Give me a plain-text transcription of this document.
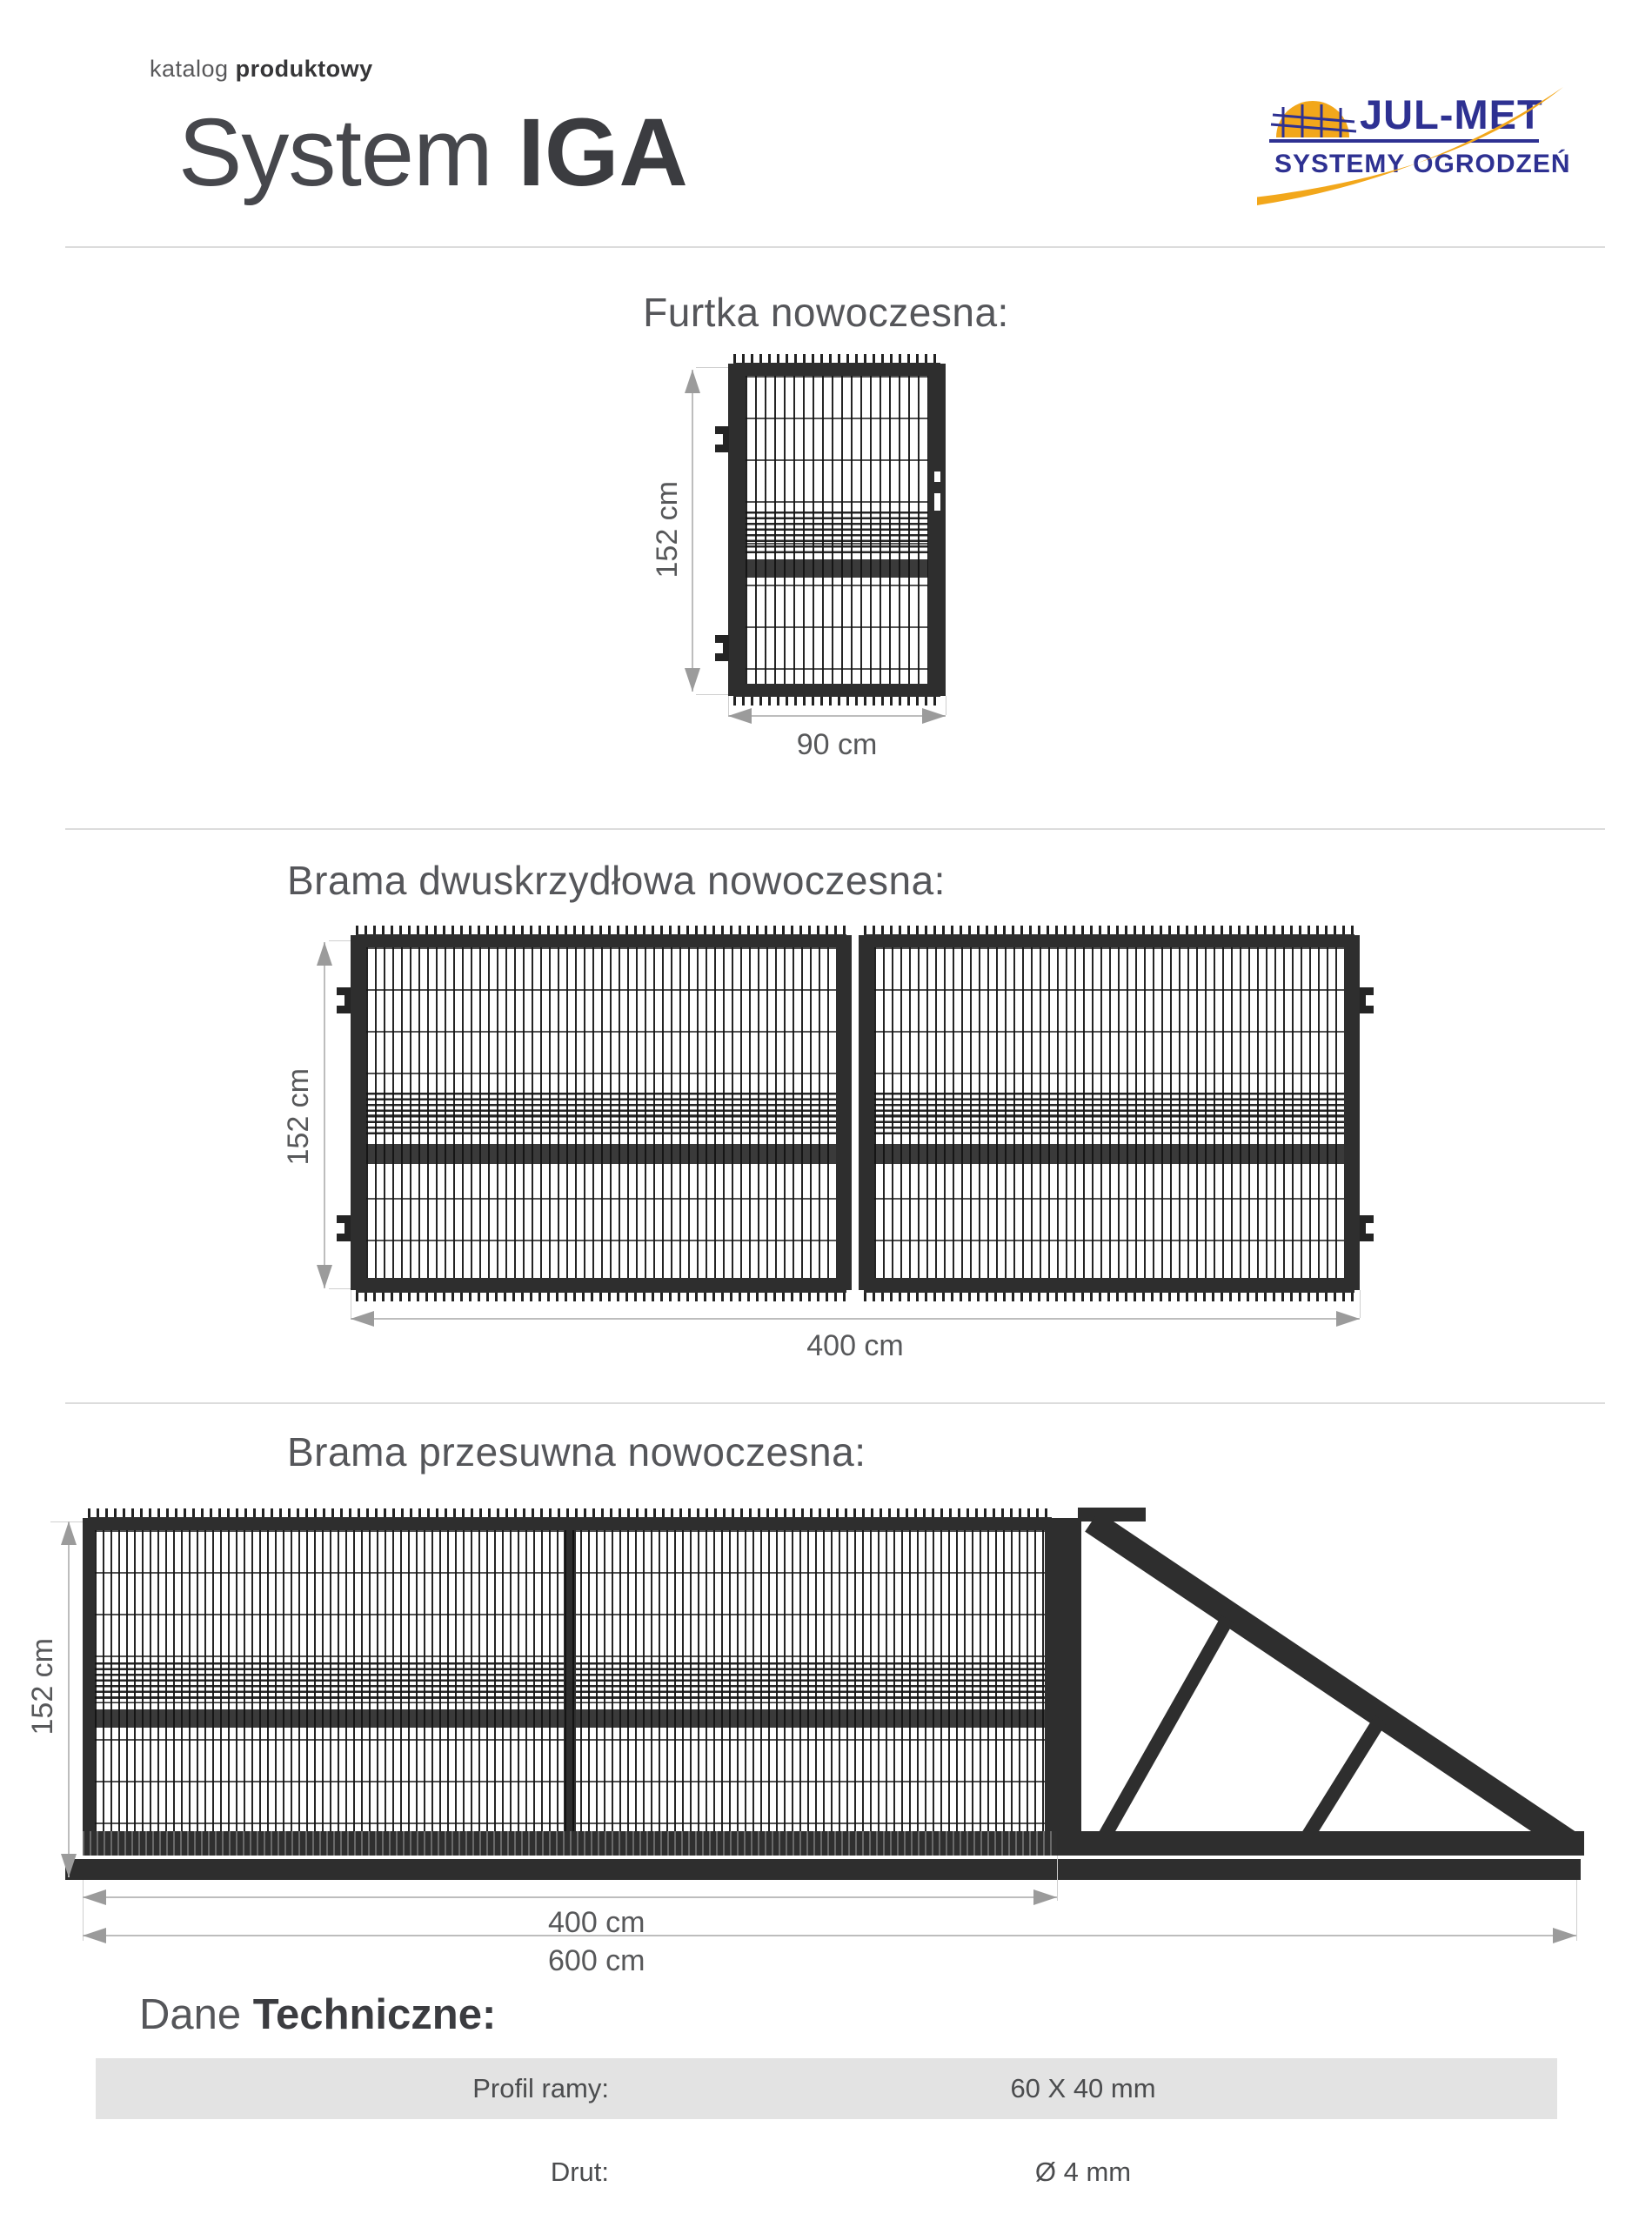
katalog produktowy
System IGA	JUL-MET
SYSTEMY OGRODZEŃ
Furtka nowoczesna:
152 cm
90 cm
Brama dwuskrzydłowa nowoczesna:
152 cm
400 cm
Brama przesuwna nowoczesna:
152 cm
400 cm
600 cm
Dane Techniczne:
Profil ramy:	60 X 40 mm
Drut:	Ø 4 mm
